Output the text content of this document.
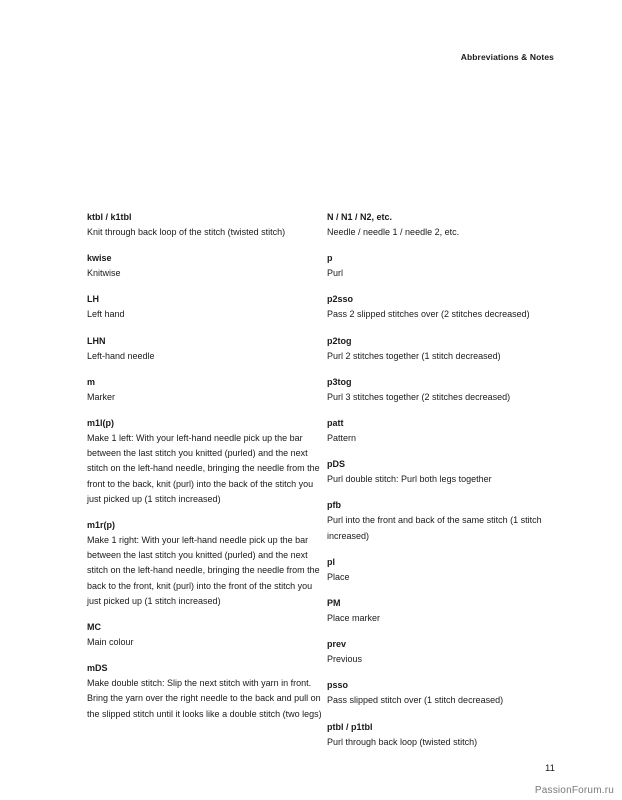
Abbreviations & Notes
ktbl / k1tbl
Knit through back loop of the stitch (twisted stitch)
kwise
Knitwise
LH
Left hand
LHN
Left-hand needle
m
Marker
m1l(p)
Make 1 left: With your left-hand needle pick up the bar between the last stitch you knitted (purled) and the next stitch on the left-hand needle, bringing the needle from the front to the back, knit (purl) into the back of the stitch you just picked up (1 stitch increased)
m1r(p)
Make 1 right: With your left-hand needle pick up the bar between the last stitch you knitted (purled) and the next stitch on the left-hand needle, bringing the needle from the back to the front, knit (purl) into the front of the stitch you just picked up (1 stitch increased)
MC
Main colour
mDS
Make double stitch: Slip the next stitch with yarn in front. Bring the yarn over the right needle to the back and pull on the slipped stitch until it looks like a double stitch (two legs)
N / N1 / N2, etc.
Needle / needle 1 / needle 2, etc.
p
Purl
p2sso
Pass 2 slipped stitches over (2 stitches decreased)
p2tog
Purl 2 stitches together (1 stitch decreased)
p3tog
Purl 3 stitches together (2 stitches decreased)
patt
Pattern
pDS
Purl double stitch: Purl both legs together
pfb
Purl into the front and back of the same stitch (1 stitch increased)
pl
Place
PM
Place marker
prev
Previous
psso
Pass slipped stitch over (1 stitch decreased)
ptbl / p1tbl
Purl through back loop (twisted stitch)
11
PassionForum.ru
